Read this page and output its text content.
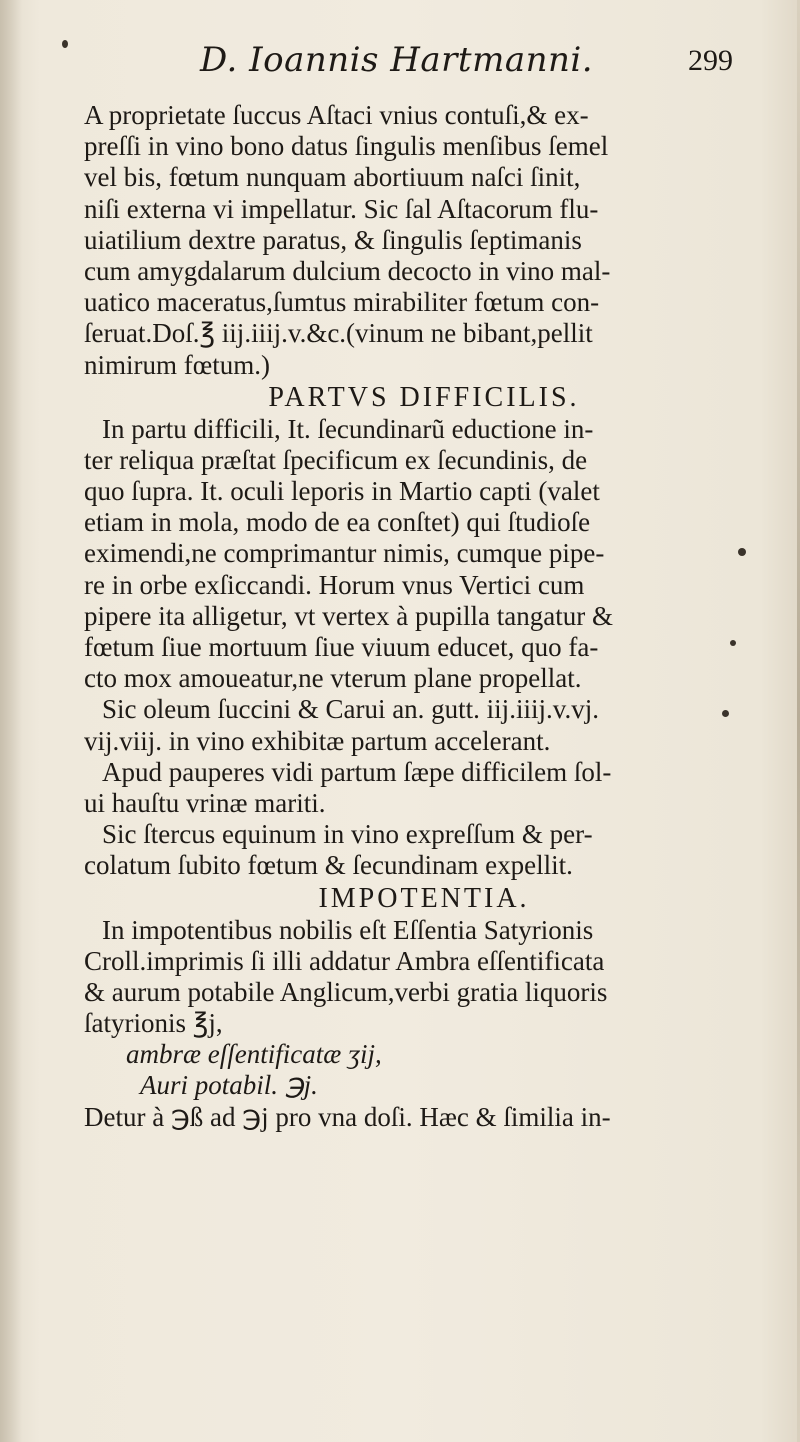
D. Ioannis Hartmanni.	299
A proprietate ſuccus Aſtaci vnius contuſi,& ex-
preſſi in vino bono datus ſingulis menſibus ſemel
vel bis, fœtum nunquam abortiuum naſci ſinit,
niſi externa vi impellatur. Sic ſal Aſtacorum flu-
uiatilium dextre paratus, & ſingulis ſeptimanis
cum amygdalarum dulcium decocto in vino mal-
uatico maceratus,ſumtus mirabiliter fœtum con-
ſeruat.Doſ.℥ iij.iiij.v.&c.(vinum ne bibant,pellit
nimirum fœtum.)
PARTVS DIFFICILIS.
In partu difficili, It. ſecundinarũ eductione in-
ter reliqua præſtat ſpecificum ex ſecundinis, de
quo ſupra. It. oculi leporis in Martio capti (valet
etiam in mola, modo de ea conſtet) qui ſtudioſe
eximendi,ne comprimantur nimis, cumque pipe-
re in orbe exſiccandi. Horum vnus Vertici cum
pipere ita alligetur, vt vertex à pupilla tangatur &
fœtum ſiue mortuum ſiue viuum educet, quo fa-
cto mox amoueatur,ne vterum plane propellat.
Sic oleum ſuccini & Carui an. gutt. iij.iiij.v.vj.
vij.viij. in vino exhibitæ partum accelerant.
Apud pauperes vidi partum ſæpe difficilem ſol-
ui hauſtu vrinæ mariti.
Sic ſtercus equinum in vino expreſſum & per-
colatum ſubito fœtum & ſecundinam expellit.
IMPOTENTIA.
In impotentibus nobilis eſt Eſſentia Satyrionis
Croll.imprimis ſi illi addatur Ambra eſſentificata
& aurum potabile Anglicum,verbi gratia liquoris
ſatyrionis ℥j,
ambræ eſſentificatæ ʒij,
Auri potabil. ℈j.
Detur à ℈ß ad ℈j pro vna doſi. Hæc & ſimilia in-
